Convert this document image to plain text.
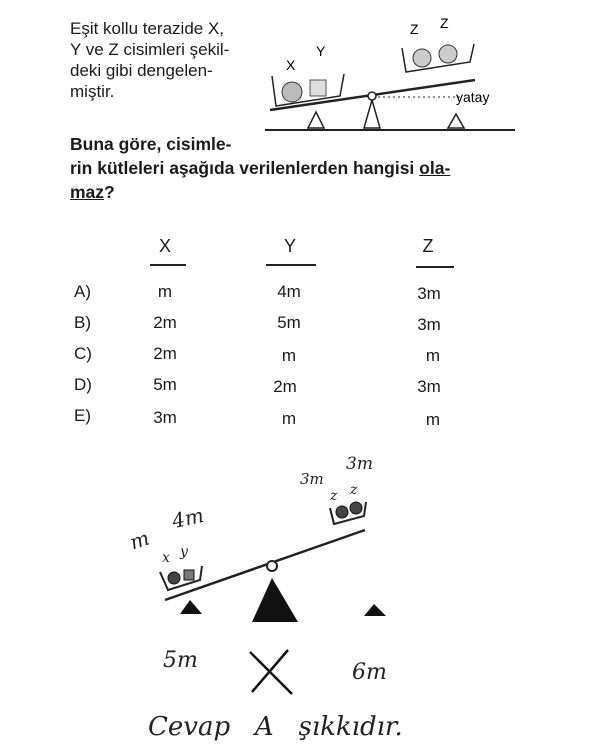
Eşit kollu terazide X,
Y ve Z cisimleri şekil-
deki gibi dengelen-
miştir.
X
Y
Z Z
yatay
Buna göre, cisimle-
rin kütleleri aşağıda verilenlerden hangisi ola-
maz?
X	Y	Z
A)	m	4m	3m
B)	2m	5m	3m
C)	2m	m	m
D)	5m	2m	3m
E)	3m	m	m
m
4m
x y
3m
3m
z z
5m	6m
Cevap   A   şıkkıdır.
